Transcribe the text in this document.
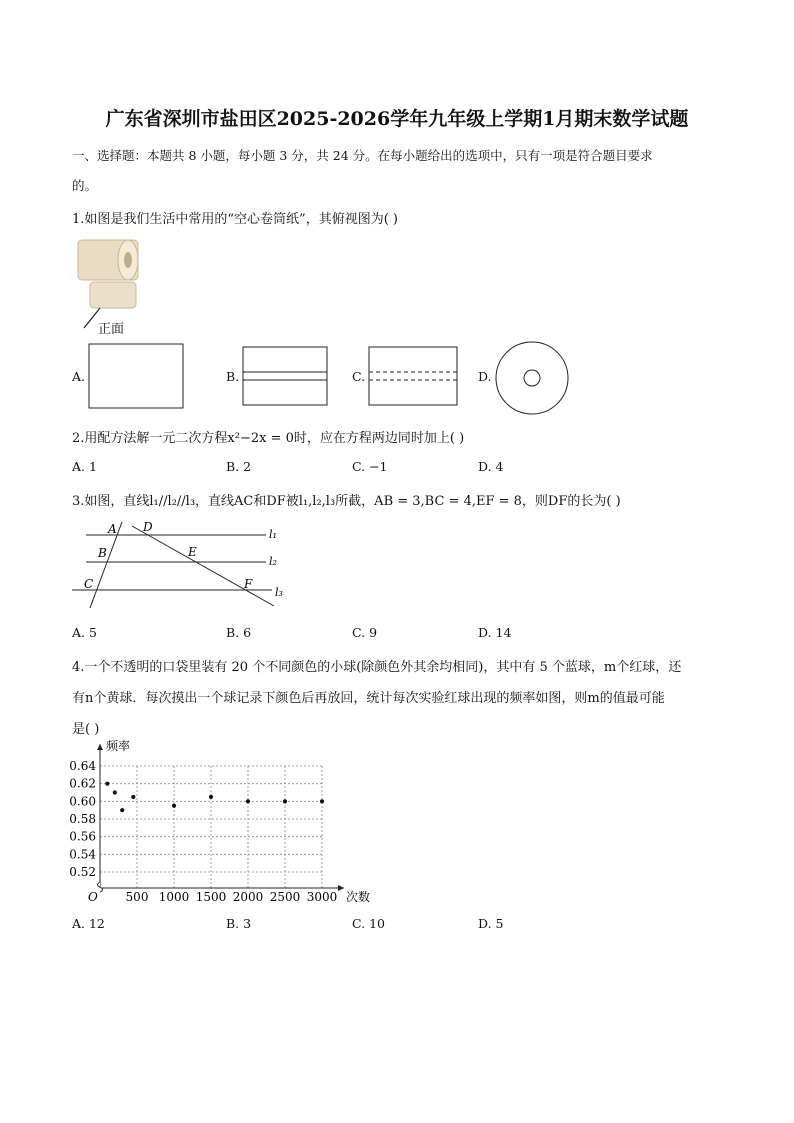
广东省深圳市盐田区2025-2026学年九年级上学期1月期末数学试题
一、选择题：本题共 8 小题，每小题 3 分，共 24 分。在每小题给出的选项中，只有一项是符合题目要求
的。
1.如图是我们生活中常用的“空心卷筒纸”，其俯视图为( )
正面
A.	B.	C.	D.
2.用配方法解一元二次方程x²−2x = 0时，应在方程两边同时加上( )
A. 1	B. 2	C. −1	D. 4
3.如图，直线l₁//l₂//l₃，直线AC和DF被l₁,l₂,l₃所截，AB = 3,BC = 4,EF = 8，则DF的长为( )
A D
B	E
C	F
l₁
l₂
l₃
A. 5	B. 6	C. 9	D. 14
4.一个不透明的口袋里装有 20 个不同颜色的小球(除颜色外其余均相同)，其中有 5 个蓝球，m个红球，还
有n个黄球．每次摸出一个球记录下颜色后再放回，统计每次实验红球出现的频率如图，则m的值最可能
是( )
0.52
0.54
0.56
0.58
0.60
0.62
0.64
500 1000 1500 2000 2500 3000
频率
次数
O
A. 12	B. 3	C. 10	D. 5
